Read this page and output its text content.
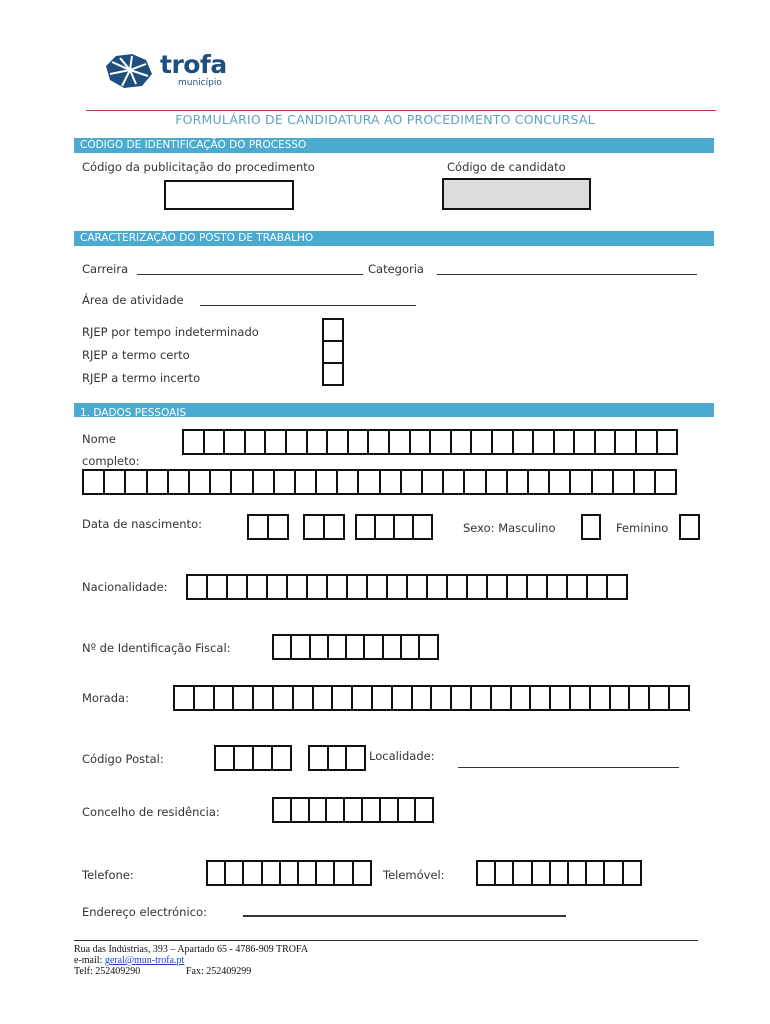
trofa
município
FORMULÁRIO DE CANDIDATURA AO PROCEDIMENTO CONCURSAL
CÓDIGO DE IDENTIFICAÇÃO DO PROCESSO
Código da publicitação do procedimento	Código de candidato
CARACTERIZAÇÃO DO POSTO DE TRABALHO
Carreira	Categoria
Área de atividade
RJEP por tempo indeterminado
RJEP a termo certo
RJEP a termo incerto
1. DADOS PESSOAIS
Nome
completo:
Data de nascimento:	Sexo: Masculino	Feminino
Nacionalidade:
Nº de Identificação Fiscal:
Morada:
Código Postal:	Localidade:
Concelho de residência:
Telefone:	Telemóvel:
Endereço electrónico:
Rua das Indústrias, 393 – Apartado 65 - 4786-909 TROFA
e-mail: geral@mun-trofa.pt
Telf: 252409290	Fax: 252409299
